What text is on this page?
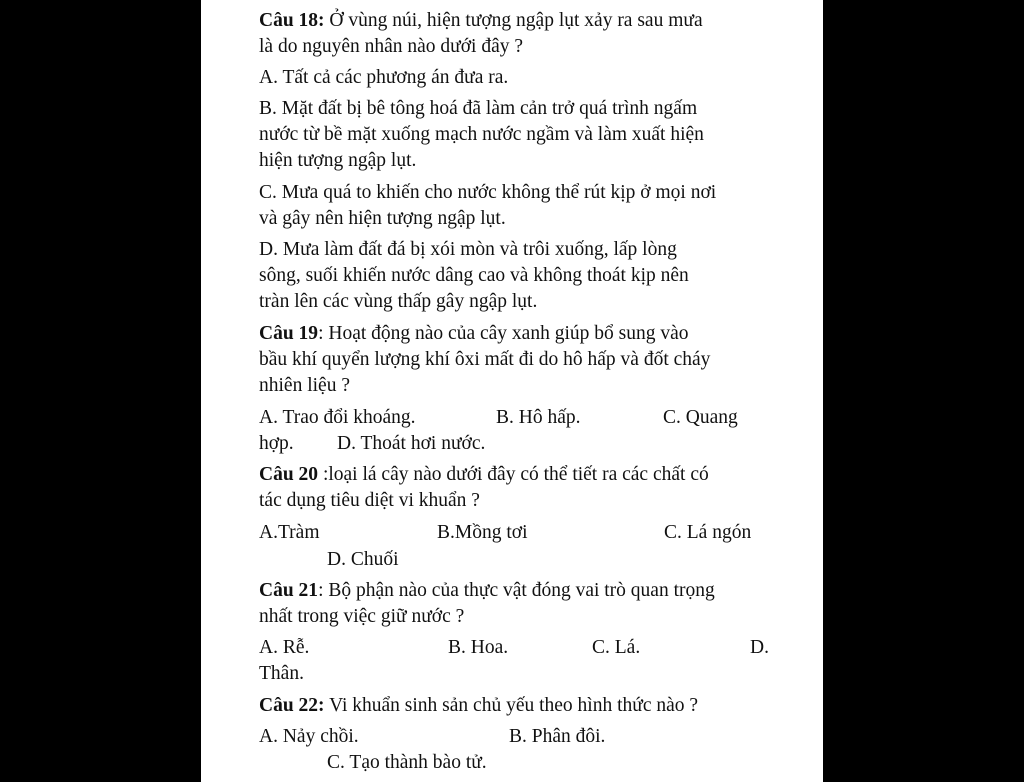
Câu 18: Ở vùng núi, hiện tượng ngập lụt xảy ra sau mưa

là do nguyên nhân nào dưới đây ?

A. Tất cả các phương án đưa ra.

B. Mặt đất bị bê tông hoá đã làm cản trở quá trình ngấm

nước từ bề mặt xuống mạch nước ngầm và làm xuất hiện

hiện tượng ngập lụt.

C. Mưa quá to khiến cho nước không thể rút kịp ở mọi nơi

và gây nên hiện tượng ngập lụt.

D. Mưa làm đất đá bị xói mòn và trôi xuống, lấp lòng

sông, suối khiến nước dâng cao và không thoát kịp nên

tràn lên các vùng thấp gây ngập lụt.

Câu 19: Hoạt động nào của cây xanh giúp bổ sung vào

bầu khí quyển lượng khí ôxi mất đi do hô hấp và đốt cháy

nhiên liệu ?

A. Trao đổi khoáng.	B. Hô hấp.	C. Quang
hợp. D. Thoát hơi nước.

Câu 20 :loại lá cây nào dưới đây có thể tiết ra các chất có

tác dụng tiêu diệt vi khuẩn ?

A.Tràm	B.Mồng tơi	C. Lá ngón
D. Chuối

Câu 21: Bộ phận nào của thực vật đóng vai trò quan trọng

nhất trong việc giữ nước ?

A. Rễ.	B. Hoa.	C. Lá.	D.
Thân.

Câu 22: Vi khuẩn sinh sản chủ yếu theo hình thức nào ?

A. Nảy chồi.	B. Phân đôi.
C. Tạo thành bào tử.
